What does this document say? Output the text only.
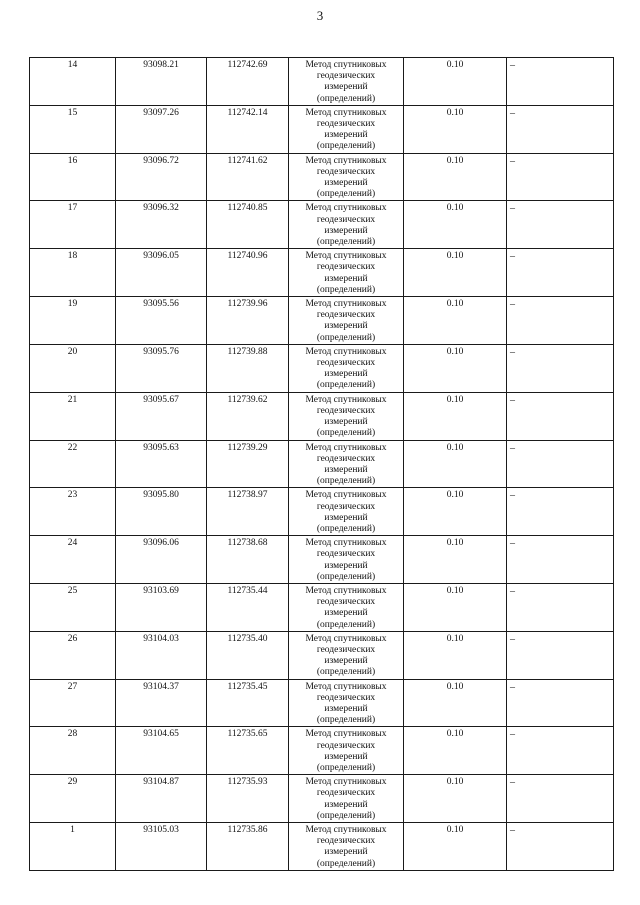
3
14	93098.21	112742.69	Метод спутниковых
геодезических
измерений
(определений)	0.10	–
15	93097.26	112742.14	Метод спутниковых
геодезических
измерений
(определений)	0.10	–
16	93096.72	112741.62	Метод спутниковых
геодезических
измерений
(определений)	0.10	–
17	93096.32	112740.85	Метод спутниковых
геодезических
измерений
(определений)	0.10	–
18	93096.05	112740.96	Метод спутниковых
геодезических
измерений
(определений)	0.10	–
19	93095.56	112739.96	Метод спутниковых
геодезических
измерений
(определений)	0.10	–
20	93095.76	112739.88	Метод спутниковых
геодезических
измерений
(определений)	0.10	–
21	93095.67	112739.62	Метод спутниковых
геодезических
измерений
(определений)	0.10	–
22	93095.63	112739.29	Метод спутниковых
геодезических
измерений
(определений)	0.10	–
23	93095.80	112738.97	Метод спутниковых
геодезических
измерений
(определений)	0.10	–
24	93096.06	112738.68	Метод спутниковых
геодезических
измерений
(определений)	0.10	–
25	93103.69	112735.44	Метод спутниковых
геодезических
измерений
(определений)	0.10	–
26	93104.03	112735.40	Метод спутниковых
геодезических
измерений
(определений)	0.10	–
27	93104.37	112735.45	Метод спутниковых
геодезических
измерений
(определений)	0.10	–
28	93104.65	112735.65	Метод спутниковых
геодезических
измерений
(определений)	0.10	–
29	93104.87	112735.93	Метод спутниковых
геодезических
измерений
(определений)	0.10	–
1	93105.03	112735.86	Метод спутниковых
геодезических
измерений
(определений)	0.10	–
